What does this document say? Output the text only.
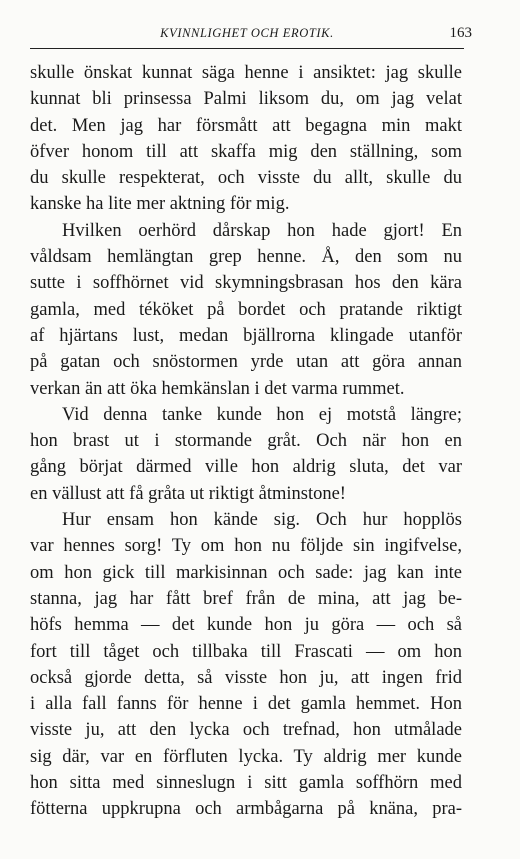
KVINNLIGHET OCH EROTIK.	163
skulle önskat kunnat säga henne i ansiktet: jag skulle
kunnat bli prinsessa Palmi liksom du, om jag velat
det. Men jag har försmått att begagna min makt
öfver honom till att skaffa mig den ställning, som
du skulle respekterat, och visste du allt, skulle du
kanske ha lite mer aktning för mig.
Hvilken oerhörd dårskap hon hade gjort! En
våldsam hemlängtan grep henne. Å, den som nu
sutte i soffhörnet vid skymningsbrasan hos den kära
gamla, med téköket på bordet och pratande riktigt
af hjärtans lust, medan bjällrorna klingade utanför
på gatan och snöstormen yrde utan att göra annan
verkan än att öka hemkänslan i det varma rummet.
Vid denna tanke kunde hon ej motstå längre;
hon brast ut i stormande gråt. Och när hon en
gång börjat därmed ville hon aldrig sluta, det var
en vällust att få gråta ut riktigt åtminstone!
Hur ensam hon kände sig. Och hur hopplös
var hennes sorg! Ty om hon nu följde sin ingifvelse,
om hon gick till markisinnan och sade: jag kan inte
stanna, jag har fått bref från de mina, att jag be-
höfs hemma — det kunde hon ju göra — och så
fort till tåget och tillbaka till Frascati — om hon
också gjorde detta, så visste hon ju, att ingen frid
i alla fall fanns för henne i det gamla hemmet. Hon
visste ju, att den lycka och trefnad, hon utmålade
sig där, var en förfluten lycka. Ty aldrig mer kunde
hon sitta med sinneslugn i sitt gamla soffhörn med
fötterna uppkrupna och armbågarna på knäna, pra-
